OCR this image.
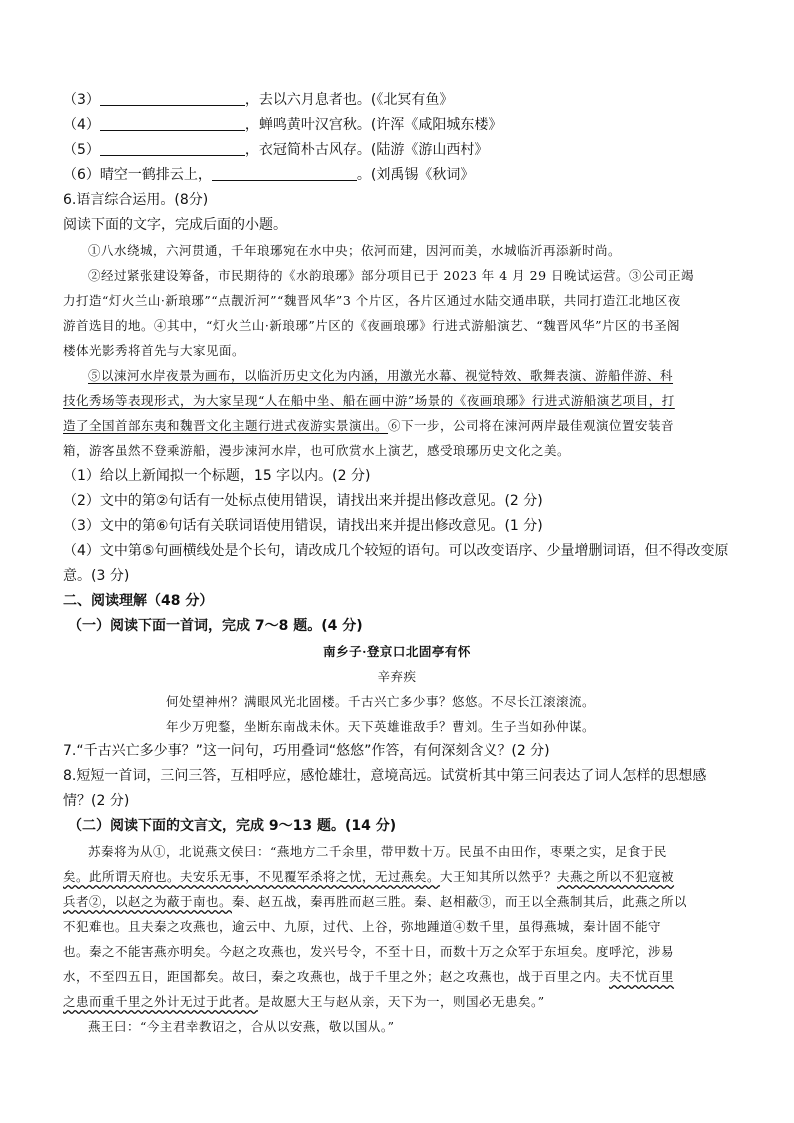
（3）	，去以六月息者也。(《北冥有鱼》
（4）	，蝉鸣黄叶汉宫秋。(许浑《咸阳城东楼》
（5）	，衣冠简朴古风存。(陆游《游山西村》
（6）晴空一鹤排云上，	。(刘禹锡《秋词》
6.语言综合运用。(8分)
阅读下面的文字，完成后面的小题。
①八水绕城，六河贯通，千年琅琊宛在水中央；依河而建，因河而美，水城临沂再添新时尚。
②经过紧张建设筹备，市民期待的《水韵琅琊》部分项目已于 2023 年 4 月 29 日晚试运营。③公司正竭
力打造“灯火兰山·新琅琊”“点靓沂河”“魏晋风华”3 个片区，各片区通过水陆交通串联，共同打造江北地区夜
游首选目的地。④其中，“灯火兰山·新琅琊”片区的《夜画琅琊》行进式游船演艺、“魏晋风华”片区的书圣阁
楼体光影秀将首先与大家见面。
⑤以涑河水岸夜景为画布，以临沂历史文化为内涵，用激光水幕、视觉特效、歌舞表演、游船伴游、科
技化秀场等表现形式，为大家呈现“人在船中坐、船在画中游”场景的《夜画琅琊》行进式游船演艺项目，打
造了全国首部东夷和魏晋文化主题行进式夜游实景演出。⑥下一步，公司将在涑河两岸最佳观演位置安装音
箱，游客虽然不登乘游船，漫步涑河水岸，也可欣赏水上演艺，感受琅琊历史文化之美。
（1）给以上新闻拟一个标题，15 字以内。(2 分)
（2）文中的第②句话有一处标点使用错误，请找出来并提出修改意见。(2 分)
（3）文中的第⑥句话有关联词语使用错误，请找出来并提出修改意见。(1 分)
（4）文中第⑤句画横线处是个长句，请改成几个较短的语句。可以改变语序、少量增删词语，但不得改变原
意。(3 分)
二、阅读理解（48 分）
（一）阅读下面一首词，完成 7～8 题。(4 分)
南乡子·登京口北固亭有怀
辛弃疾
何处望神州？满眼风光北固楼。千古兴亡多少事？悠悠。不尽长江滚滚流。
年少万兜鍪，坐断东南战未休。天下英雄谁敌手？曹刘。生子当如孙仲谋。
7.“千古兴亡多少事？”这一问句，巧用叠词“悠悠”作答，有何深刻含义？(2 分)
8.短短一首词，三问三答，互相呼应，感怆雄壮，意境高远。试赏析其中第三问表达了词人怎样的思想感
情？(2 分)
（二）阅读下面的文言文，完成 9～13 题。(14 分)
苏秦将为从①，北说燕文侯曰：“燕地方二千余里，带甲数十万。民虽不由田作，枣栗之实，足食于民
矣。此所谓天府也。夫安乐无事，不见覆军杀将之忧，无过燕矣。大王知其所以然乎？夫燕之所以不犯寇被
兵者②，以赵之为蔽于南也。秦、赵五战，秦再胜而赵三胜。秦、赵相蔽③，而王以全燕制其后，此燕之所以
不犯难也。且夫秦之攻燕也，逾云中、九原，过代、上谷，弥地踵道④数千里，虽得燕城，秦计固不能守
也。秦之不能害燕亦明矣。今赵之攻燕也，发兴号令，不至十日，而数十万之众军于东垣矣。度呼沱，涉易
水，不至四五日，距国都矣。故曰，秦之攻燕也，战于千里之外；赵之攻燕也，战于百里之内。夫不忧百里
之患而重千里之外计无过于此者。是故愿大王与赵从亲，天下为一，则国必无患矣。”
燕王曰：“今主君幸教诏之，合从以安燕，敬以国从。”
